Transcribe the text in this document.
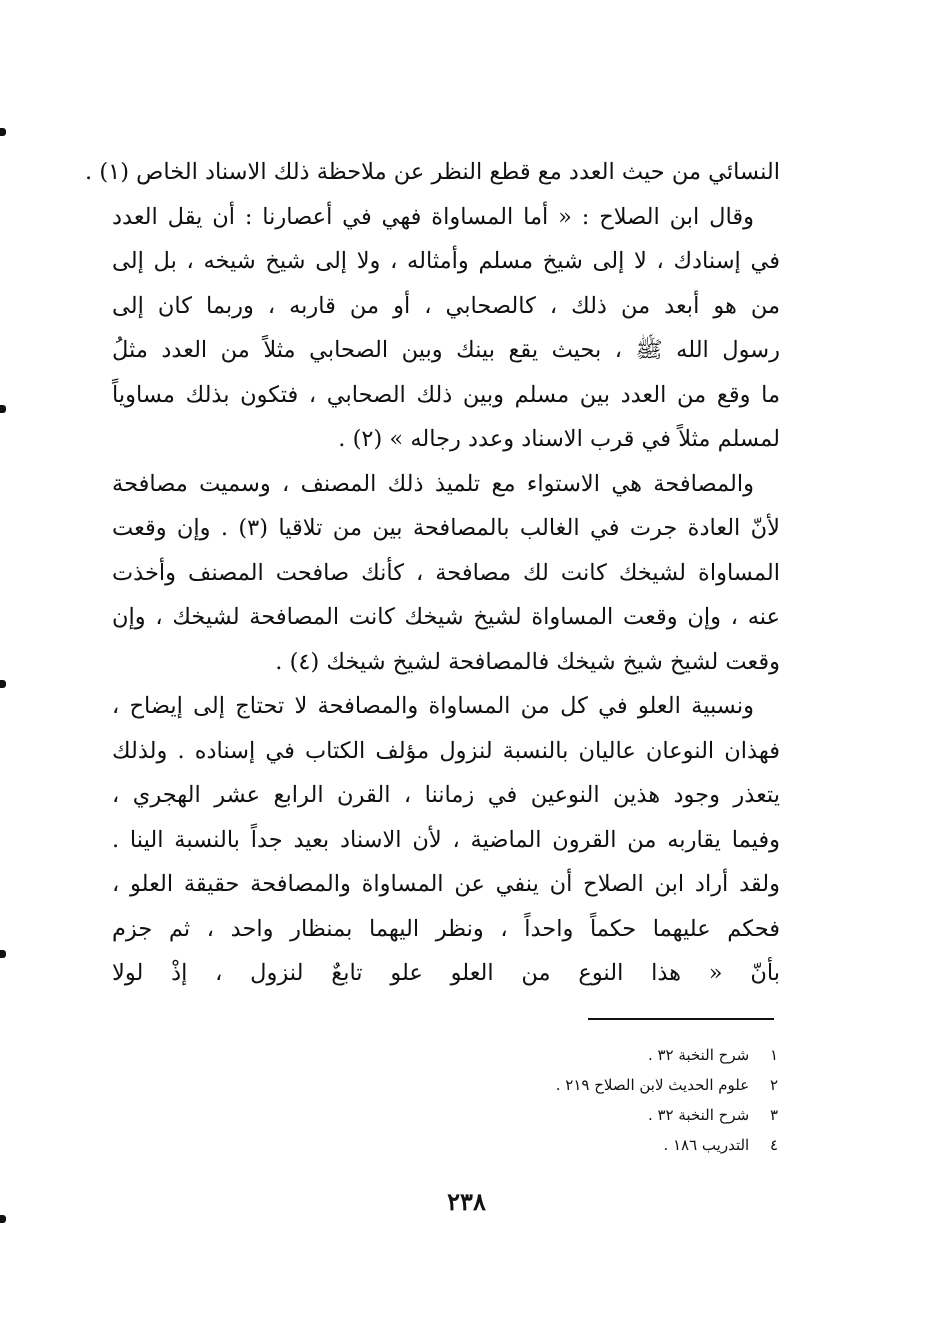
النسائي من حيث العدد مع قطع النظر عن ملاحظة ذلك الاسناد الخاص (١) .
وقال ابن الصلاح : « أما المساواة فهي في أعصارنا : أن يقل العدد
في إسنادك ، لا إلى شيخ مسلم وأمثاله ، ولا إلى شيخ شيخه ، بل إلى
من هو أبعد من ذلك ، كالصحابي ، أو من قاربه ، وربما كان إلى
رسول الله ﷺ ، بحيث يقع بينك وبين الصحابي مثلاً من العدد مثلُ
ما وقع من العدد بين مسلم وبين ذلك الصحابي ، فتكون بذلك مساوياً
لمسلم مثلاً في قرب الاسناد وعدد رجاله » (٢) .
والمصافحة هي الاستواء مع تلميذ ذلك المصنف ، وسميت مصافحة
لأنّ العادة جرت في الغالب بالمصافحة بين من تلاقيا (٣) . وإن وقعت
المساواة لشيخك كانت لك مصافحة ، كأنك صافحت المصنف وأخذت
عنه ، وإن وقعت المساواة لشيخ شيخك كانت المصافحة لشيخك ، وإن
وقعت لشيخ شيخ شيخك فالمصافحة لشيخ شيخك (٤) .
ونسبية العلو في كل من المساواة والمصافحة لا تحتاج إلى إيضاح ،
فهذان النوعان عاليان بالنسبة لنزول مؤلف الكتاب في إسناده . ولذلك
يتعذر وجود هذين النوعين في زماننا ، القرن الرابع عشر الهجري ،
وفيما يقاربه من القرون الماضية ، لأن الاسناد بعيد جداً بالنسبة الينا .
ولقد أراد ابن الصلاح أن ينفي عن المساواة والمصافحة حقيقة العلو ،
فحكم عليهما حكماً واحداً ، ونظر اليهما بمنظار واحد ، ثم جزم
بأنّ « هذا النوع من العلو علو تابعٌ لنزول ، إذْ لولا
١ شرح النخبة ٣٢ .
٢ علوم الحديث لابن الصلاح ٢١٩ .
٣ شرح النخبة ٣٢ .
٤ التدريب ١٨٦ .
٢٣٨
